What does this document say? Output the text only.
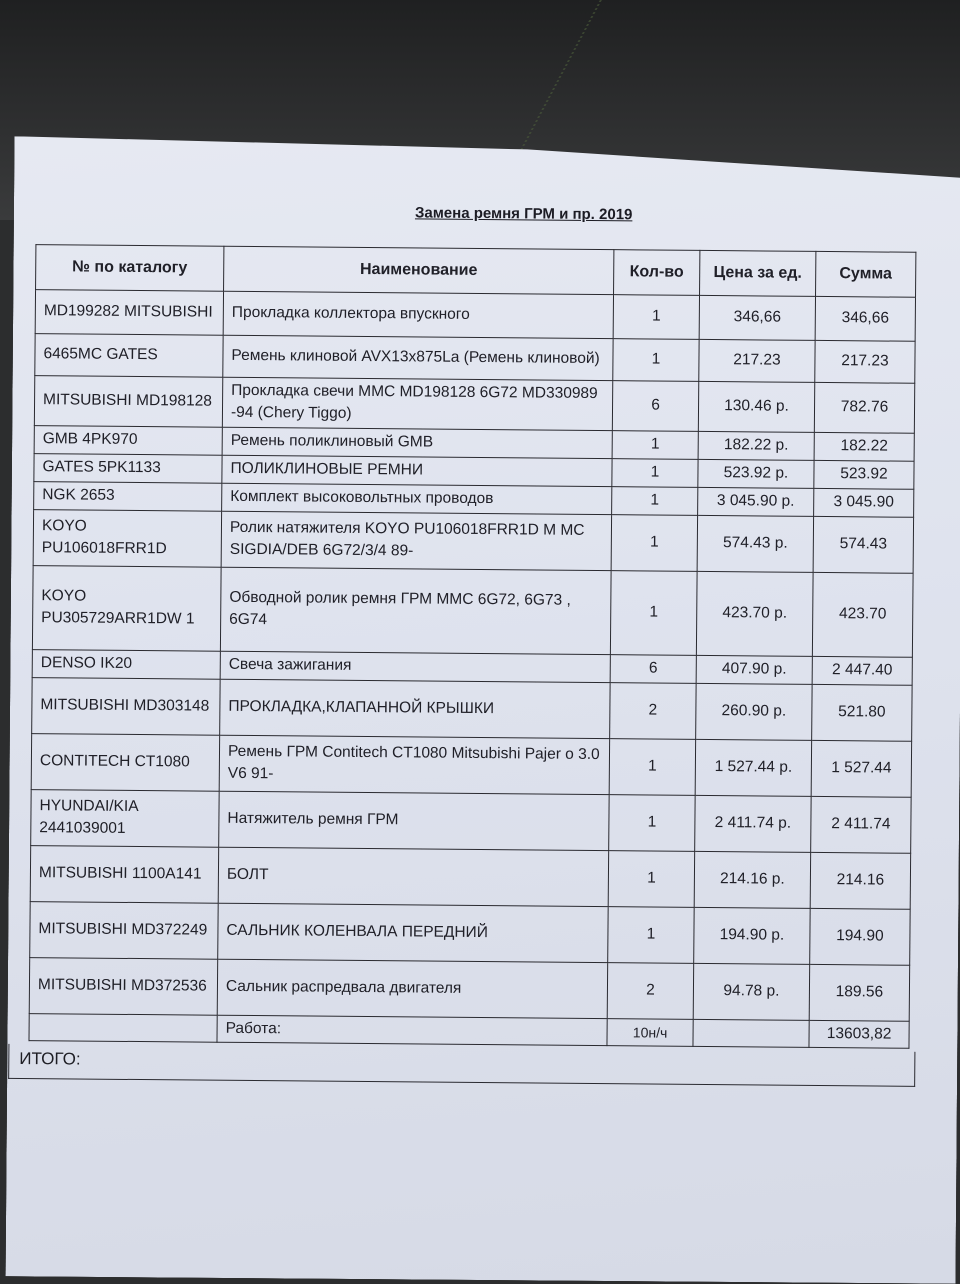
Замена ремня ГРМ и пр. 2019
№ по каталогу	Наименование	Кол-во	Цена за ед.	Сумма
MD199282 MITSUBISHI	Прокладка коллектора впускного	1	346,66	346,66
6465MC GATES	Ремень клиновой AVX13x875La (Ремень клиновой)	1	217.23	217.23
MITSUBISHI MD198128	Прокладка свечи MMC MD198128 6G72 MD330989 -94 (Chery Tiggo)	6	130.46 р.	782.76
GMB 4PK970	Ремень поликлиновый GMB	1	182.22 р.	182.22
GATES 5PK1133	ПОЛИКЛИНОВЫЕ РЕМНИ	1	523.92 р.	523.92
NGK 2653	Комплект высоковольтных проводов	1	3 045.90 р.	3 045.90
KOYO PU106018FRR1D	Ролик натяжителя KOYO PU106018FRR1D M MC SIGDIA/DEB 6G72/3/4 89-	1	574.43 р.	574.43
KOYO PU305729ARR1DW 1	Обводной ролик ремня ГРМ MMC 6G72, 6G73 , 6G74	1	423.70 р.	423.70
DENSO IK20	Свеча зажигания	6	407.90 р.	2 447.40
MITSUBISHI MD303148	ПРОКЛАДКА,КЛАПАННОЙ КРЫШКИ	2	260.90 р.	521.80
CONTITECH CT1080	Ремень ГРМ Contitech CT1080 Mitsubishi Pajer o 3.0 V6 91-	1	1 527.44 р.	1 527.44
HYUNDAI/KIA 2441039001	Натяжитель ремня ГРМ	1	2 411.74 р.	2 411.74
MITSUBISHI 1100A141	БОЛТ	1	214.16 р.	214.16
MITSUBISHI MD372249	САЛЬНИК КОЛЕНВАЛА ПЕРЕДНИЙ	1	194.90 р.	194.90
MITSUBISHI MD372536	Сальник распредвала двигателя	2	94.78 р.	189.56
	Работа:	10н/ч		13603,82
ИТОГО:
